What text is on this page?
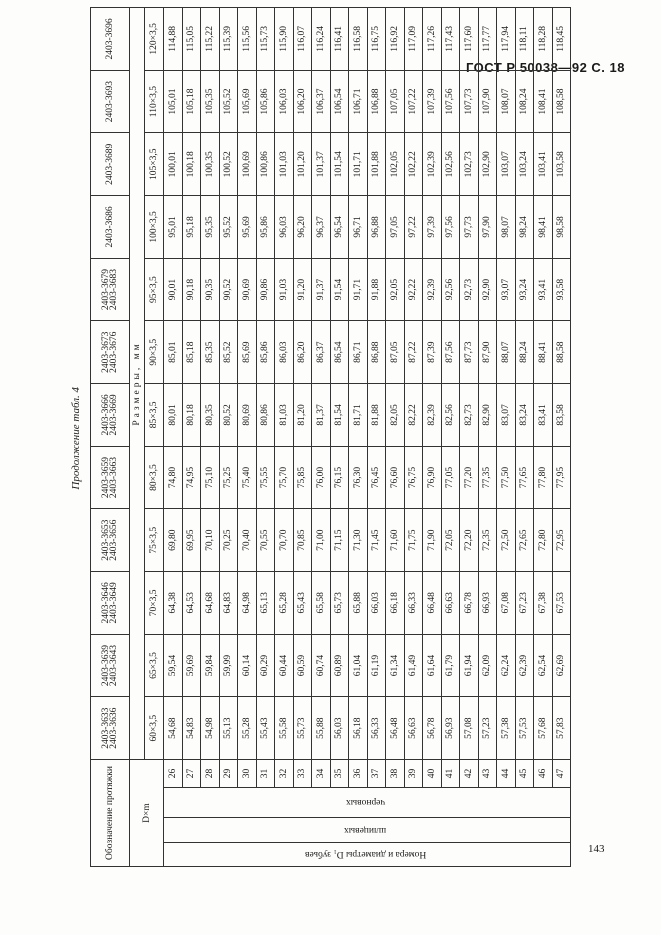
ГОСТ Р 50038—92 С. 18
143
Продолжение табл. 4
Обозначение протяжки				2403-3633 2403-3636	2403-3639 2403-3643	2403-3646 2403-3649	2403-3653 2403-3656	2403-3659 2403-3663	2403-3666 2403-3669	2403-3673 2403-3676	2403-3679 2403-3683	2403-3686	2403-3689	2403-3693	2403-3696
D×m				Размеры, мм											
				60×3,5	65×3,5	70×3,5	75×3,5	80×3,5	85×3,5	90×3,5	95×3,5	100×3,5	105×3,5	110×3,5	120×3,5
Номера и диаметры D₁ зубьев	шлицевых	черновых	26	54,68	59,54	64,38	69,80	74,80	80,01	85,01	90,01	95,01	100,01	105,01	114,88
			27	54,83	59,69	64,53	69,95	74,95	80,18	85,18	90,18	95,18	100,18	105,18	115,05
			28	54,98	59,84	64,68	70,10	75,10	80,35	85,35	90,35	95,35	100,35	105,35	115,22
			29	55,13	59,99	64,83	70,25	75,25	80,52	85,52	90,52	95,52	100,52	105,52	115,39
			30	55,28	60,14	64,98	70,40	75,40	80,69	85,69	90,69	95,69	100,69	105,69	115,56
			31	55,43	60,29	65,13	70,55	75,55	80,86	85,86	90,86	95,86	100,86	105,86	115,73
			32	55,58	60,44	65,28	70,70	75,70	81,03	86,03	91,03	96,03	101,03	106,03	115,90
			33	55,73	60,59	65,43	70,85	75,85	81,20	86,20	91,20	96,20	101,20	106,20	116,07
			34	55,88	60,74	65,58	71,00	76,00	81,37	86,37	91,37	96,37	101,37	106,37	116,24
			35	56,03	60,89	65,73	71,15	76,15	81,54	86,54	91,54	96,54	101,54	106,54	116,41
			36	56,18	61,04	65,88	71,30	76,30	81,71	86,71	91,71	96,71	101,71	106,71	116,58
			37	56,33	61,19	66,03	71,45	76,45	81,88	86,88	91,88	96,88	101,88	106,88	116,75
			38	56,48	61,34	66,18	71,60	76,60	82,05	87,05	92,05	97,05	102,05	107,05	116,92
			39	56,63	61,49	66,33	71,75	76,75	82,22	87,22	92,22	97,22	102,22	107,22	117,09
			40	56,78	61,64	66,48	71,90	76,90	82,39	87,39	92,39	97,39	102,39	107,39	117,26
			41	56,93	61,79	66,63	72,05	77,05	82,56	87,56	92,56	97,56	102,56	107,56	117,43
			42	57,08	61,94	66,78	72,20	77,20	82,73	87,73	92,73	97,73	102,73	107,73	117,60
			43	57,23	62,09	66,93	72,35	77,35	82,90	87,90	92,90	97,90	102,90	107,90	117,77
			44	57,38	62,24	67,08	72,50	77,50	83,07	88,07	93,07	98,07	103,07	108,07	117,94
			45	57,53	62,39	67,23	72,65	77,65	83,24	88,24	93,24	98,24	103,24	108,24	118,11
			46	57,68	62,54	67,38	72,80	77,80	83,41	88,41	93,41	98,41	103,41	108,41	118,28
			47	57,83	62,69	67,53	72,95	77,95	83,58	88,58	93,58	98,58	103,58	108,58	118,45
